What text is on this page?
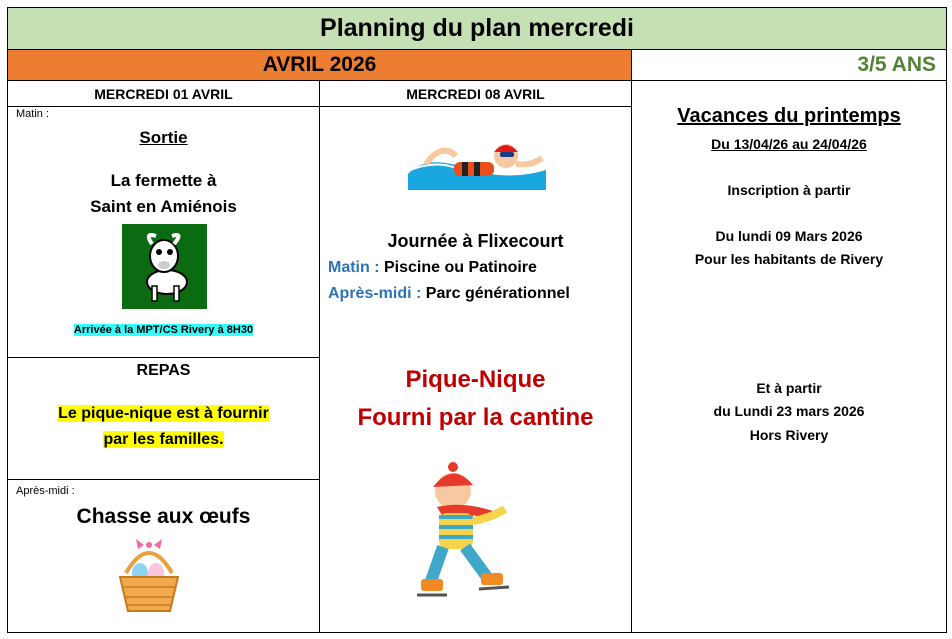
Planning du plan mercredi
AVRIL 2026	3/5 ANS
MERCREDI 01 AVRIL
Matin :
Sortie
La fermette à
Saint en Amiénois
Arrivée à la MPT/CS Rivery à 8H30
REPAS
Le pique-nique est à fournir
par les familles.
Après-midi :
Chasse aux œufs
MERCREDI 08 AVRIL
Journée à Flixecourt
Matin : Piscine ou Patinoire
Après-midi : Parc générationnel
Pique-Nique
Fourni par la cantine
Vacances du printemps
Du 13/04/26 au 24/04/26
Inscription à partir
Du lundi 09 Mars 2026
Pour les habitants de Rivery
Et à partir
du Lundi 23 mars 2026
Hors Rivery
